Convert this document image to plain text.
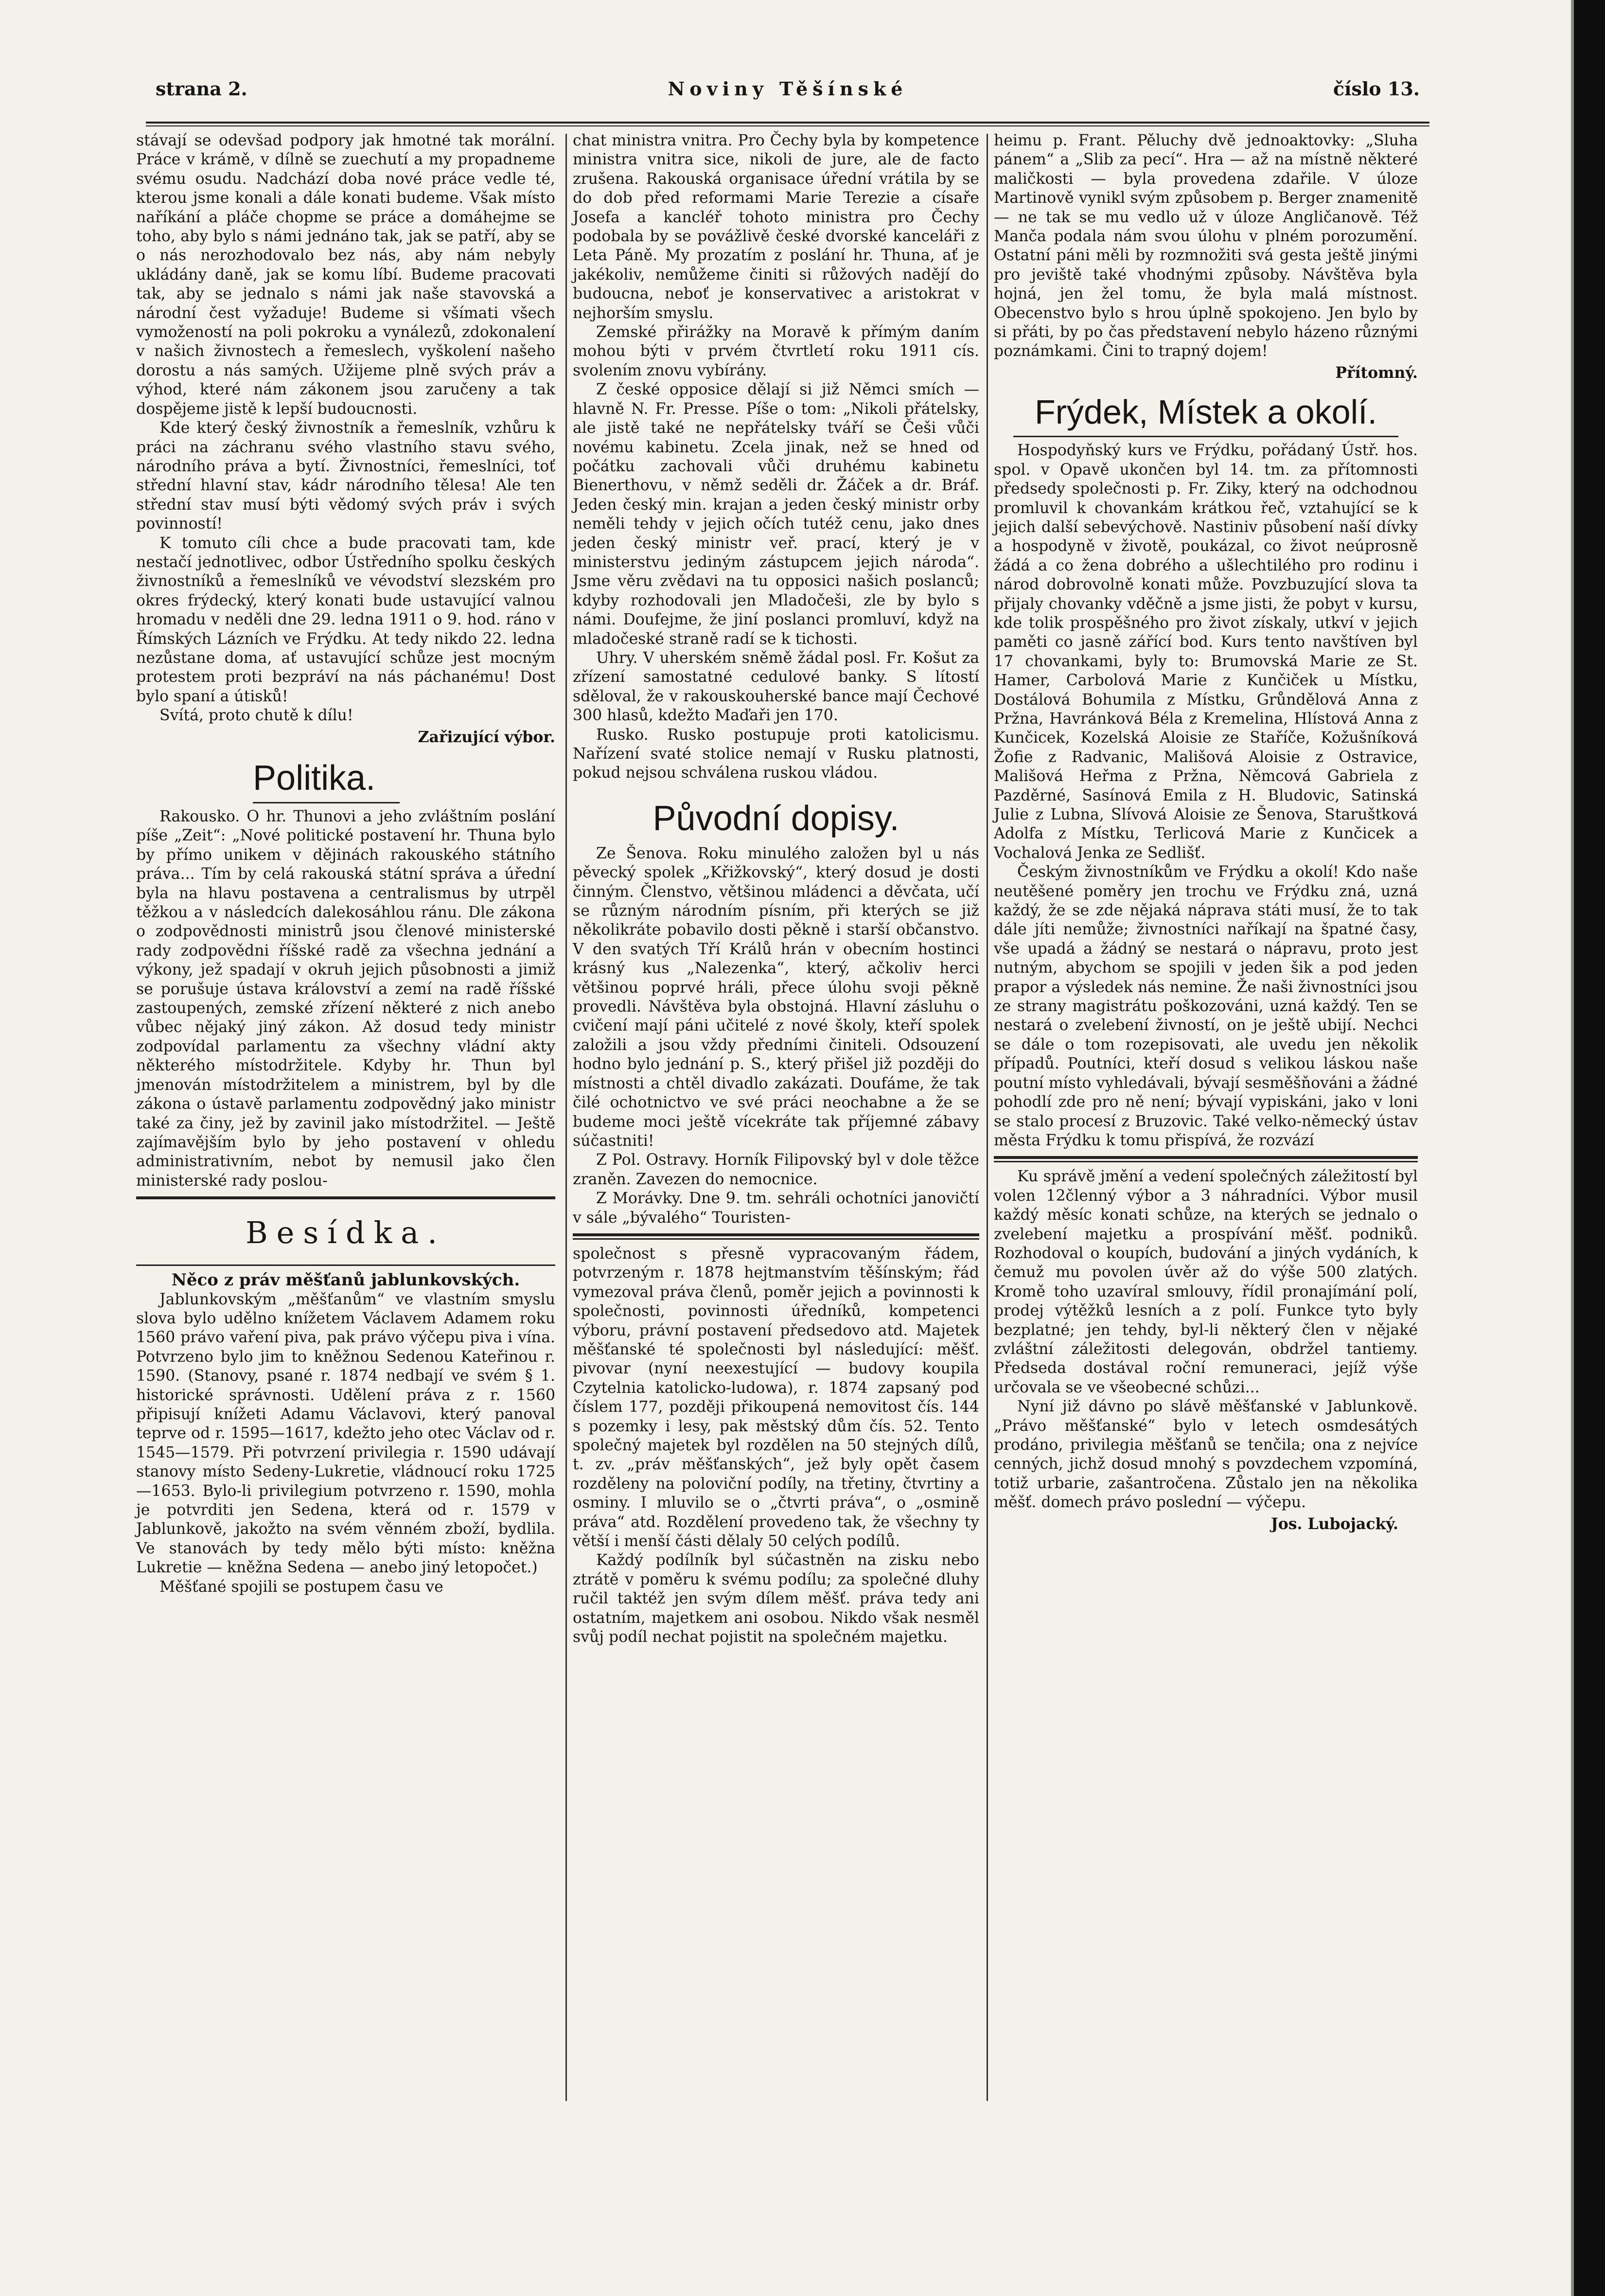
strana 2.	Noviny Těšínské	číslo 13.

stávají se odevšad podpory jak hmotné tak morální. Práce v krámě, v dílně se zuechutí a my propadneme svému osudu. Nadchází doba nové práce vedle té, kterou jsme konali a dále konati budeme. Však místo naříkání a pláče chopme se práce a domáhejme se toho, aby bylo s námi jednáno tak, jak se patří, aby se o nás nerozhodovalo bez nás, aby nám nebyly ukládány daně, jak se komu líbí. Budeme pracovati tak, aby se jednalo s námi jak naše stavovská a národní čest vyžaduje! Budeme si všímati všech vymožeností na poli pokroku a vynálezů, zdokonalení v našich živnostech a řemeslech, vyškolení našeho dorostu a nás samých. Užijeme plně svých práv a výhod, které nám zákonem jsou zaručeny a tak dospějeme jistě k lepší budoucnosti.

Kde který český živnostník a řemeslník, vzhůru k práci na záchranu svého vlastního stavu svého, národního práva a bytí. Živnostníci, řemeslníci, toť střední hlavní stav, kádr národního tělesa! Ale ten střední stav musí býti vědomý svých práv i svých povinností!

K tomuto cíli chce a bude pracovati tam, kde nestačí jednotlivec, odbor Ústředního spolku českých živnostníků a řemeslníků ve vévodství slezském pro okres frýdecký, který konati bude ustavující valnou hromadu v neděli dne 29. ledna 1911 o 9. hod. ráno v Římských Lázních ve Frýdku. At tedy nikdo 22. ledna nezůstane doma, ať ustavující schůze jest mocným protestem proti bezpráví na nás páchanému! Dost bylo spaní a útisků!

Svítá, proto chutě k dílu!

Zařizující výbor.
Politika.

Rakousko. O hr. Thunovi a jeho zvláštním poslání píše „Zeit“: „Nové politické postavení hr. Thuna bylo by přímo unikem v dějinách rakouského státního práva... Tím by celá rakouská státní správa a úřední byla na hlavu postavena a centralismus by utrpěl těžkou a v následcích dalekosáhlou ránu. Dle zákona o zodpovědnosti ministrů jsou členové ministerské rady zodpovědni říšské radě za všechna jednání a výkony, jež spadají v okruh jejich působnosti a jimiž se porušuje ústava království a zemí na radě říšské zastoupených, zemské zřízení některé z nich anebo vůbec nějaký jiný zákon. Až dosud tedy ministr zodpovídal parlamentu za všechny vládní akty některého místodržitele. Kdyby hr. Thun byl jmenován místodržitelem a ministrem, byl by dle zákona o ústavě parlamentu zodpovědný jako ministr také za činy, jež by zavinil jako místodržitel. — Ještě zajímavějším bylo by jeho postavení v ohledu administrativním, nebot by nemusil jako člen ministerské rady poslou-

Besídka.

Něco z práv měšťanů jablunkovských.

Jablunkovským „měšťanům“ ve vlastním smyslu slova bylo udělno knížetem Václavem Adamem roku 1560 právo vaření piva, pak právo výčepu piva i vína. Potvrzeno bylo jim to kněžnou Sedenou Kateřinou r. 1590. (Stanovy, psané r. 1874 nedbají ve svém § 1. historické správnosti. Udělení práva z r. 1560 připisují knížeti Adamu Václavovi, který panoval teprve od r. 1595—1617, kdežto jeho otec Václav od r. 1545—1579. Při potvrzení privilegia r. 1590 udávají stanovy místo Sedeny-Lukretie, vládnoucí roku 1725—1653. Bylo-li privilegium potvrzeno r. 1590, mohla je potvrditi jen Sedena, která od r. 1579 v Jablunkově, jakožto na svém věnném zboží, bydlila. Ve stanovách by tedy mělo býti místo: kněžna Lukretie — kněžna Sedena — anebo jiný letopočet.)

Měšťané spojili se postupem času ve

chat ministra vnitra. Pro Čechy byla by kompetence ministra vnitra sice, nikoli de jure, ale de facto zrušena. Rakouská organisace úřední vrátila by se do dob před reformami Marie Terezie a císaře Josefa a kancléř tohoto ministra pro Čechy podobala by se povážlivě české dvorské kanceláři z Leta Páně. My prozatím z poslání hr. Thuna, ať je jakékoliv, nemůžeme činiti si růžových nadějí do budoucna, neboť je konservativec a aristokrat v nejhorším smyslu.

Zemské přirážky na Moravě k přímým daním mohou býti v prvém čtvrtletí roku 1911 cís. svolením znovu vybírány.

Z české opposice dělají si již Němci smích — hlavně N. Fr. Presse. Píše o tom: „Nikoli přátelsky, ale jistě také ne nepřátelsky tváří se Češi vůči novému kabinetu. Zcela jinak, než se hned od počátku zachovali vůči druhému kabinetu Bienerthovu, v němž seděli dr. Žáček a dr. Bráf. Jeden český min. krajan a jeden český ministr orby neměli tehdy v jejich očích tutéž cenu, jako dnes jeden český ministr veř. prací, který je v ministerstvu jediným zástupcem jejich národa“. Jsme věru zvědavi na tu opposici našich poslanců; kdyby rozhodovali jen Mladočeši, zle by bylo s námi. Doufejme, že jiní poslanci promluví, když na mladočeské straně radí se k tichosti.

Uhry. V uherském sněmě žádal posl. Fr. Košut za zřízení samostatné cedulové banky. S lítostí sděloval, že v rakouskouherské bance mají Čechové 300 hlasů, kdežto Maďaři jen 170.

Rusko. Rusko postupuje proti katolicismu. Nařízení svaté stolice nemají v Rusku platnosti, pokud nejsou schválena ruskou vládou.

Původní dopisy.

Ze Šenova. Roku minulého založen byl u nás pěvecký spolek „Křižkovský“, který dosud je dosti činným. Členstvo, většinou mládenci a děvčata, učí se různým národním písním, při kterých se již několikráte pobavilo dosti pěkně i starší občanstvo. V den svatých Tří Králů hrán v obecním hostinci krásný kus „Nalezenka“, který, ačkoliv herci většinou poprvé hráli, přece úlohu svoji pěkně provedli. Návštěva byla obstojná. Hlavní zásluhu o cvičení mají páni učitelé z nové školy, kteří spolek založili a jsou vždy předními činiteli. Odsouzení hodno bylo jednání p. S., který přišel již později do místnosti a chtěl divadlo zakázati. Doufáme, že tak čilé ochotnictvo ve své práci neochabne a že se budeme moci ještě vícekráte tak příjemné zábavy súčastniti!

Z Pol. Ostravy. Horník Filipovský byl v dole těžce zraněn. Zavezen do nemocnice.

Z Morávky. Dne 9. tm. sehráli ochotníci janovičtí v sále „bývalého“ Touristen-

společnost s přesně vypracovaným řádem, potvrzeným r. 1878 hejtmanstvím těšínským; řád vymezoval práva členů, poměr jejich a povinnosti k společnosti, povinnosti úředníků, kompetenci výboru, právní postavení předsedovo atd. Majetek měšťanské té společnosti byl následující: měšť. pivovar (nyní neexestující — budovy koupila Czytelnia katolicko-ludowa), r. 1874 zapsaný pod číslem 177, později přikoupená nemovitost čís. 144 s pozemky i lesy, pak městský dům čís. 52. Tento společný majetek byl rozdělen na 50 stejných dílů, t. zv. „práv měšťanských“, jež byly opět časem rozděleny na poloviční podíly, na třetiny, čtvrtiny a osminy. I mluvilo se o „čtvrti práva“, o „osmině práva“ atd. Rozdělení provedeno tak, že všechny ty větší i menší části dělaly 50 celých podílů.

Každý podílník byl súčastněn na zisku nebo ztrátě v poměru k svému podílu; za společné dluhy ručil taktéž jen svým dílem měšť. práva tedy ani ostatním, majetkem ani osobou. Nikdo však nesměl svůj podíl nechat pojistit na společném majetku.

heimu p. Frant. Pěluchy dvě jednoaktovky: „Sluha pánem“ a „Slib za pecí“. Hra — až na místně některé maličkosti — byla provedena zdařile. V úloze Martinově vynikl svým způsobem p. Berger znamenitě — ne tak se mu vedlo už v úloze Angličanově. Též Manča podala nám svou úlohu v plném porozumění. Ostatní páni měli by rozmnožiti svá gesta ještě jinými pro jeviště také vhodnými způsoby. Návštěva byla hojná, jen žel tomu, že byla malá místnost. Obecenstvo bylo s hrou úplně spokojeno. Jen bylo by si přáti, by po čas představení nebylo házeno různými poznámkami. Čini to trapný dojem!

Přítomný.
Frýdek, Místek a okolí.

Hospodyňský kurs ve Frýdku, pořádaný Ústř. hos. spol. v Opavě ukončen byl 14. tm. za přítomnosti předsedy společnosti p. Fr. Ziky, který na odchodnou promluvil k chovankám krátkou řeč, vztahující se k jejich další sebevýchově. Nastiniv působení naší dívky a hospodyně v životě, poukázal, co život neúprosně žádá a co žena dobrého a ušlechtilého pro rodinu i národ dobrovolně konati může. Povzbuzující slova ta přijaly chovanky vděčně a jsme jisti, že pobyt v kursu, kde tolik prospěšného pro život získaly, utkví v jejich paměti co jasně zářící bod. Kurs tento navštíven byl 17 chovankami, byly to: Brumovská Marie ze St. Hamer, Carbolová Marie z Kunčiček u Místku, Dostálová Bohumila z Místku, Grůndělová Anna z Pržna, Havránková Béla z Kremelina, Hlístová Anna z Kunčicek, Kozelská Aloisie ze Staříče, Kožušníková Žofie z Radvanic, Mališová Aloisie z Ostravice, Mališová Heřma z Pržna, Němcová Gabriela z Pazděrné, Sasínová Emila z H. Bludovic, Satinská Julie z Lubna, Slívová Aloisie ze Šenova, Staruštková Adolfa z Místku, Terlicová Marie z Kunčicek a Vochalová Jenka ze Sedlišť.

Českým živnostníkům ve Frýdku a okolí! Kdo naše neutěšené poměry jen trochu ve Frýdku zná, uzná každý, že se zde nějaká náprava státi musí, že to tak dále jíti nemůže; živnostníci naříkají na špatné časy, vše upadá a žádný se nestará o nápravu, proto jest nutným, abychom se spojili v jeden šik a pod jeden prapor a výsledek nás nemine. Že naši živnostníci jsou ze strany magistrátu poškozováni, uzná každý. Ten se nestará o zvelebení živností, on je ještě ubijí. Nechci se dále o tom rozepisovati, ale uvedu jen několik případů. Poutníci, kteří dosud s velikou láskou naše poutní místo vyhledávali, bývají sesměšňováni a žádné pohodlí zde pro ně není; bývají vypiskáni, jako v loni se stalo procesí z Bruzovic. Také velko-německý ústav města Frýdku k tomu přispívá, že rozvází

Ku správě jmění a vedení společných záležitostí byl volen 12členný výbor a 3 náhradníci. Výbor musil každý měsíc konati schůze, na kterých se jednalo o zvelebení majetku a prospívání měšť. podniků. Rozhodoval o koupích, budování a jiných vydáních, k čemuž mu povolen úvěr až do výše 500 zlatých. Kromě toho uzavíral smlouvy, řídil pronajímání polí, prodej výtěžků lesních a z polí. Funkce tyto byly bezplatné; jen tehdy, byl-li některý člen v nějaké zvláštní záležitosti delegován, obdržel tantiemy. Předseda dostával roční remuneraci, jejíž výše určovala se ve všeobecné schůzi...

Nyní již dávno po slávě měšťanské v Jablunkově. „Právo měšťanské“ bylo v letech osmdesátých prodáno, privilegia měšťanů se tenčila; ona z nejvíce cenných, jichž dosud mnohý s povzdechem vzpomíná, totiž urbarie, zašantročena. Zůstalo jen na několika měšť. domech právo poslední — výčepu.

Jos. Lubojacký.
